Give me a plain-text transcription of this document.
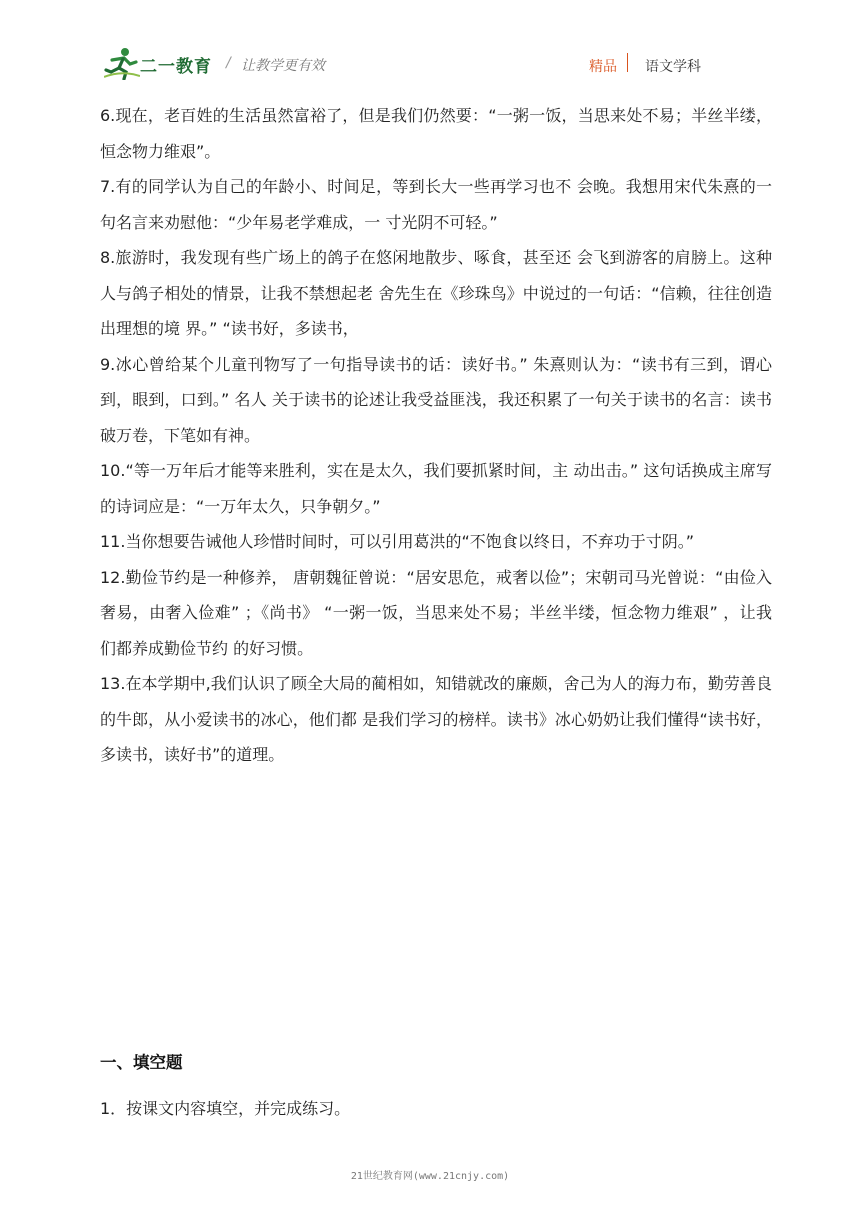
二一教育 / 让教学更有效	精品 语文学科

6.现在，老百姓的生活虽然富裕了，但是我们仍然要：“一粥一饭，当思来处不易；半丝半缕，恒念物力维艰”。

7.有的同学认为自己的年龄小、时间足，等到长大一些再学习也不 会晚。我想用宋代朱熹的一句名言来劝慰他：“少年易老学难成，一 寸光阴不可轻。”

8.旅游时，我发现有些广场上的鸽子在悠闲地散步、啄食，甚至还 会飞到游客的肩膀上。这种人与鸽子相处的情景，让我不禁想起老 舍先生在《珍珠鸟》中说过的一句话：“信赖，往往创造出理想的境 界。” “读书好，多读书，

9.冰心曾给某个儿童刊物写了一句指导读书的话：读好书。” 朱熹则认为：“读书有三到，谓心到，眼到，口到。” 名人 关于读书的论述让我受益匪浅，我还积累了一句关于读书的名言：读书破万卷，下笔如有神。

10.“等一万年后才能等来胜利，实在是太久，我们要抓紧时间，主 动出击。” 这句话换成主席写的诗词应是：“一万年太久，只争朝夕。”

11.当你想要告诫他人珍惜时间时，可以引用葛洪的“不饱食以终日，不弃功于寸阴。”

12.勤俭节约是一种修养， 唐朝魏征曾说：“居安思危，戒奢以俭”；宋朝司马光曾说：“由俭入奢易，由奢入俭难” ；《尚书》 “一粥一饭，当思来处不易；半丝半缕，恒念物力维艰” ，让我们都养成勤俭节约 的好习惯。

13.在本学期中,我们认识了顾全大局的蔺相如，知错就改的廉颇，舍己为人的海力布，勤劳善良的牛郎，从小爱读书的冰心，他们都 是我们学习的榜样。读书》冰心奶奶让我们懂得“读书好，多读书，读好书”的道理。

一、填空题
1．按课文内容填空，并完成练习。
21世纪教育网(www.21cnjy.com)
